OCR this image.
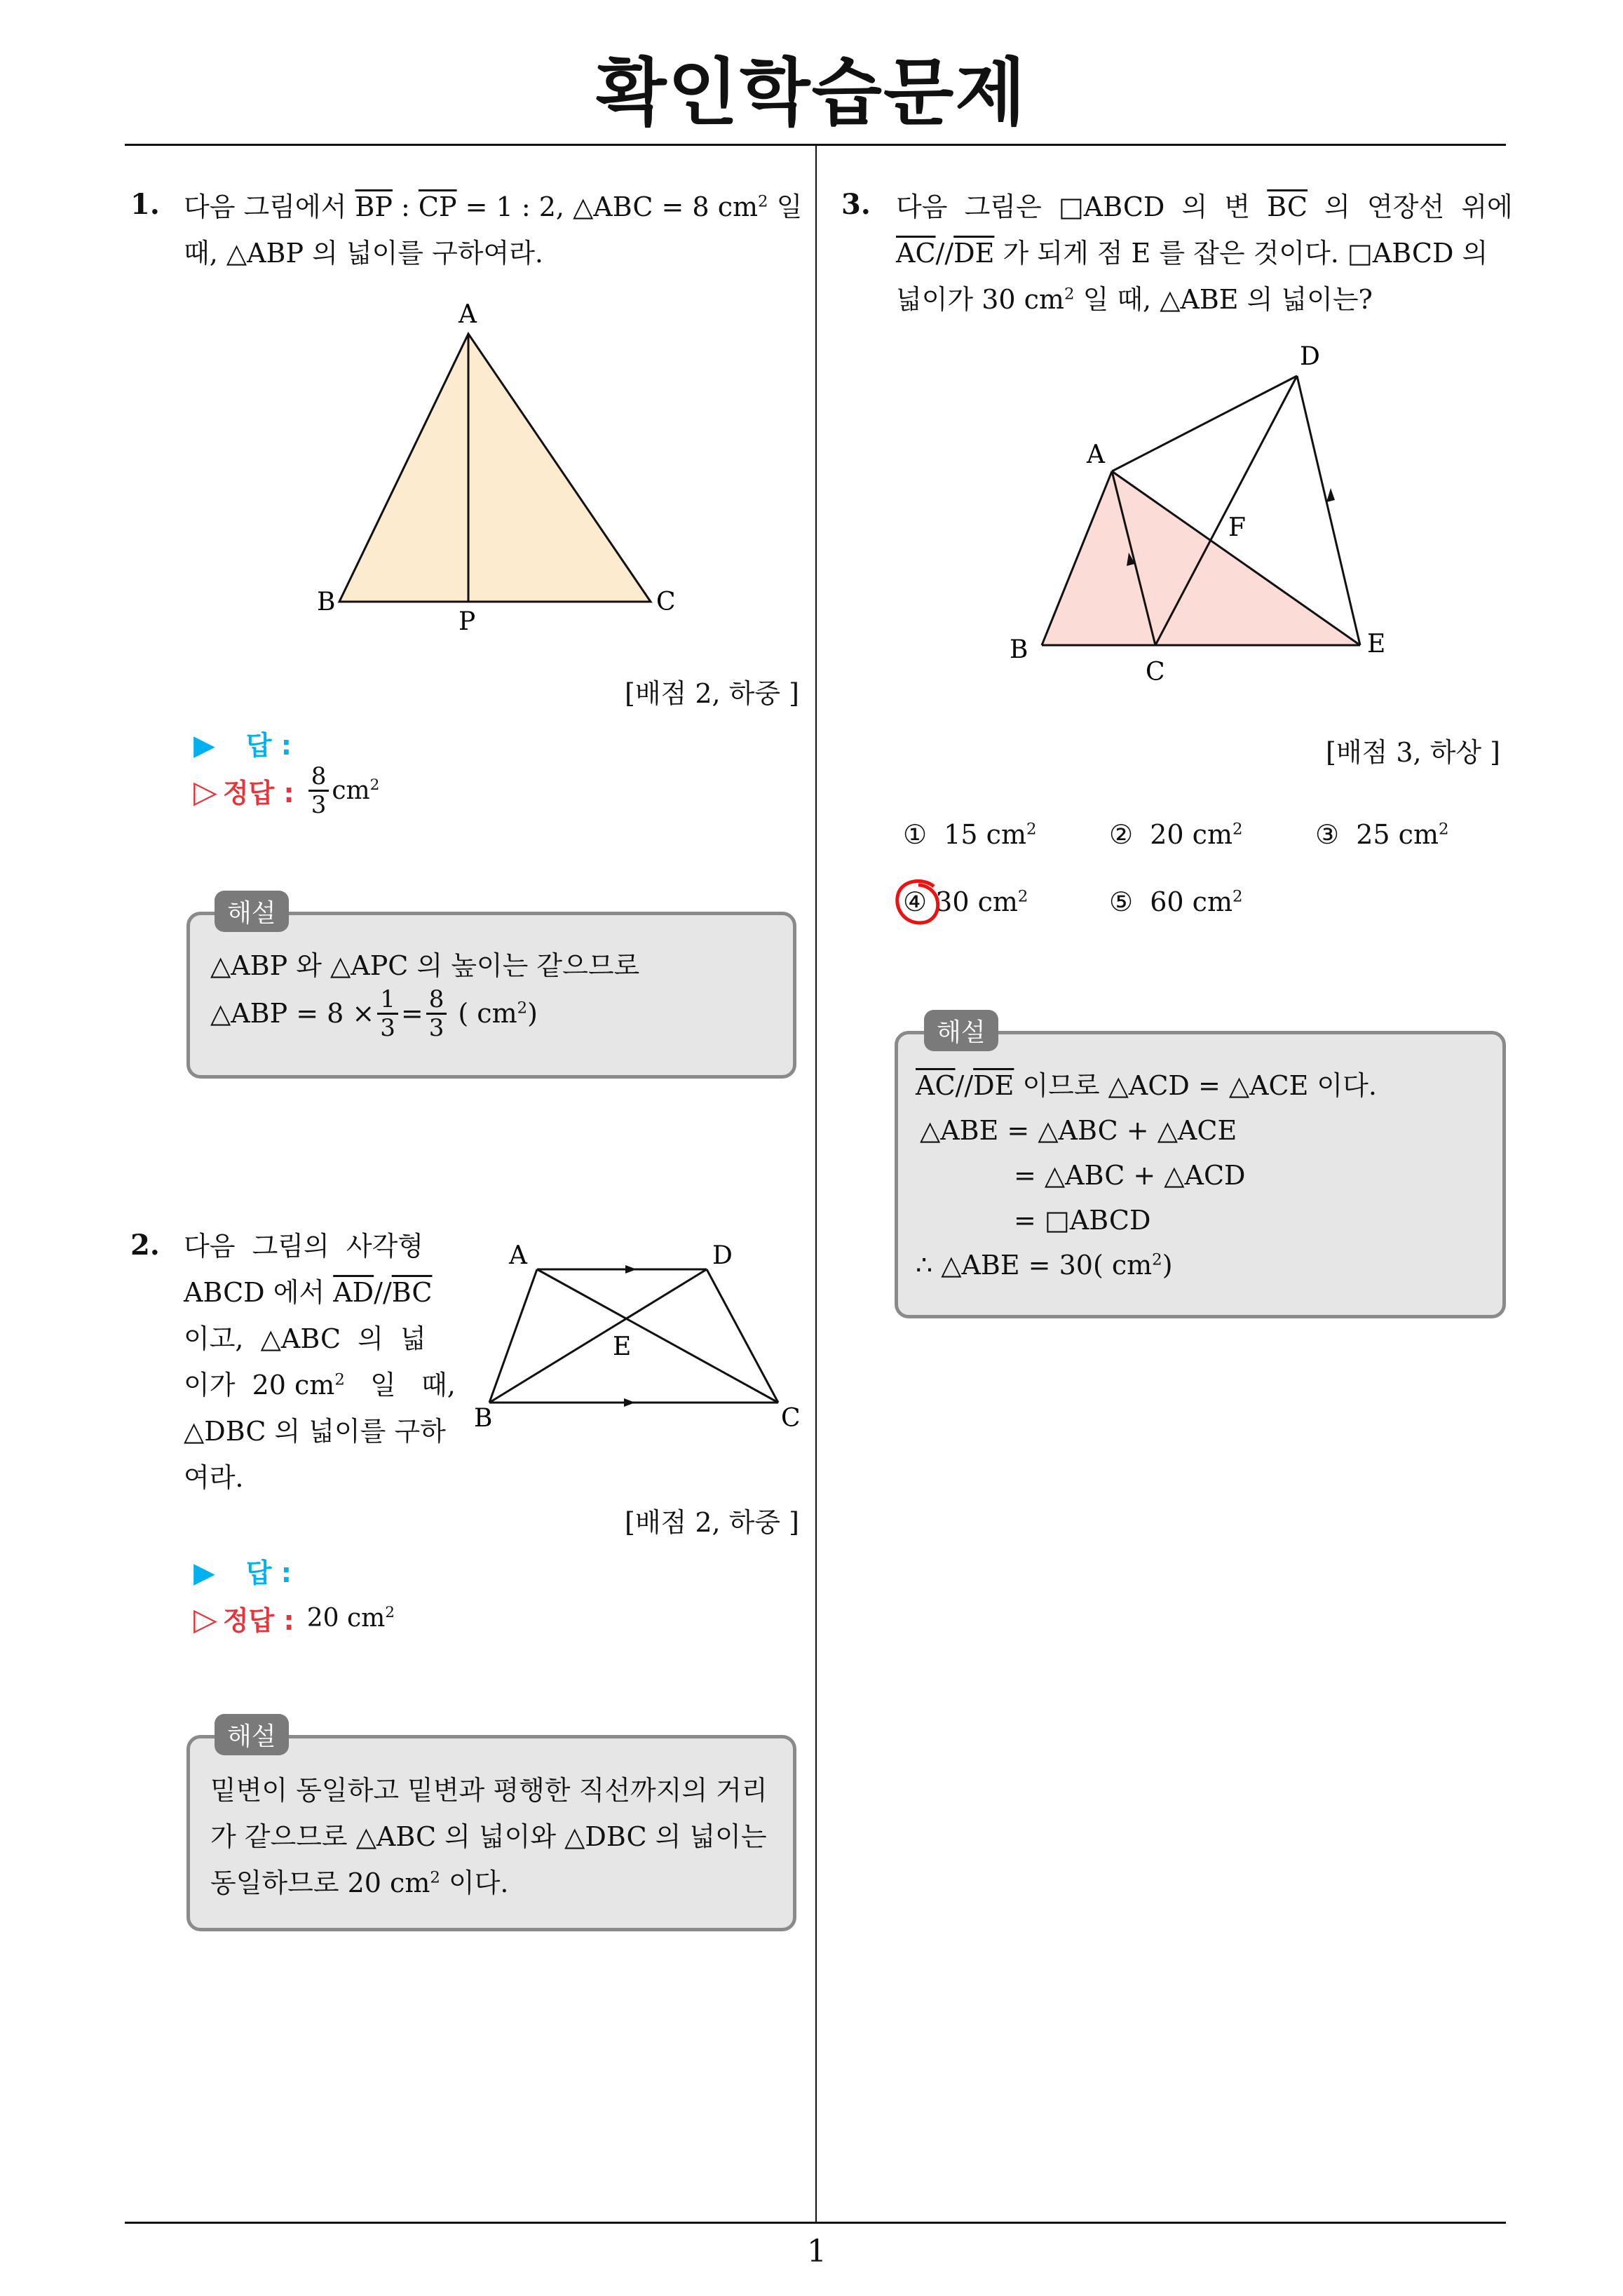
확인학습문제
1
1. 다음 그림에서 $\overline{BP}$ : $\overline{CP} = 1$ : 2, △ABC = 8 $cm^2$ 일
때, △ABP 의 넓이를 구하여라.
A
B	C
P
[배점 2, 하중 ]
▶ 답 :
▷ 정답 : $\frac{8}{3} cm^2$
해설
△ABP 와 △APC 의 높이는 같으므로
△ABP = $8 \times \frac{1}{3} = \frac{8}{3}$ ( $cm^2$)
2. 다음  그림의  사각형
ABCD 에서 $\overline{AD}//\overline{BC}$
이고,  △ABC  의  넓
이가  20 $cm^2$ 일   때,
△DBC 의 넓이를 구하
여라.
A	D
E
B	C
[배점 2, 하중 ]
▶ 답 :
▷ 정답 : 20 $cm^2$
해설
밑변이 동일하고 밑변과 평행한 직선까지의 거리
가 같으므로 △ABC 의 넓이와 △DBC 의 넓이는
동일하므로 20 $cm^2$ 이다.
3. 다음  그림은  □ABCD  의  변 $\overline{BC}$ 의  연장선  위에
$\overline{AC}//\overline{DE}$ 가 되게 점 E 를 잡은 것이다. □ABCD 의
넓이가 30 $cm^2$ 일 때, △ABE 의 넓이는?
D
A
F
B
C
E
[배점 3, 하상 ]
① 15 $cm^2$	② 20 $cm^2$	③ 25 $cm^2$
④ 30 $cm^2$	⑤ 60 $cm^2$
해설
$\overline{AC}//\overline{DE}$ 이므로 △ACD = △ACE 이다.
△ABE = △ABC + △ACE
= △ABC + △ACD
= □ABCD
∴ △ABE = 30( $cm^2$)
